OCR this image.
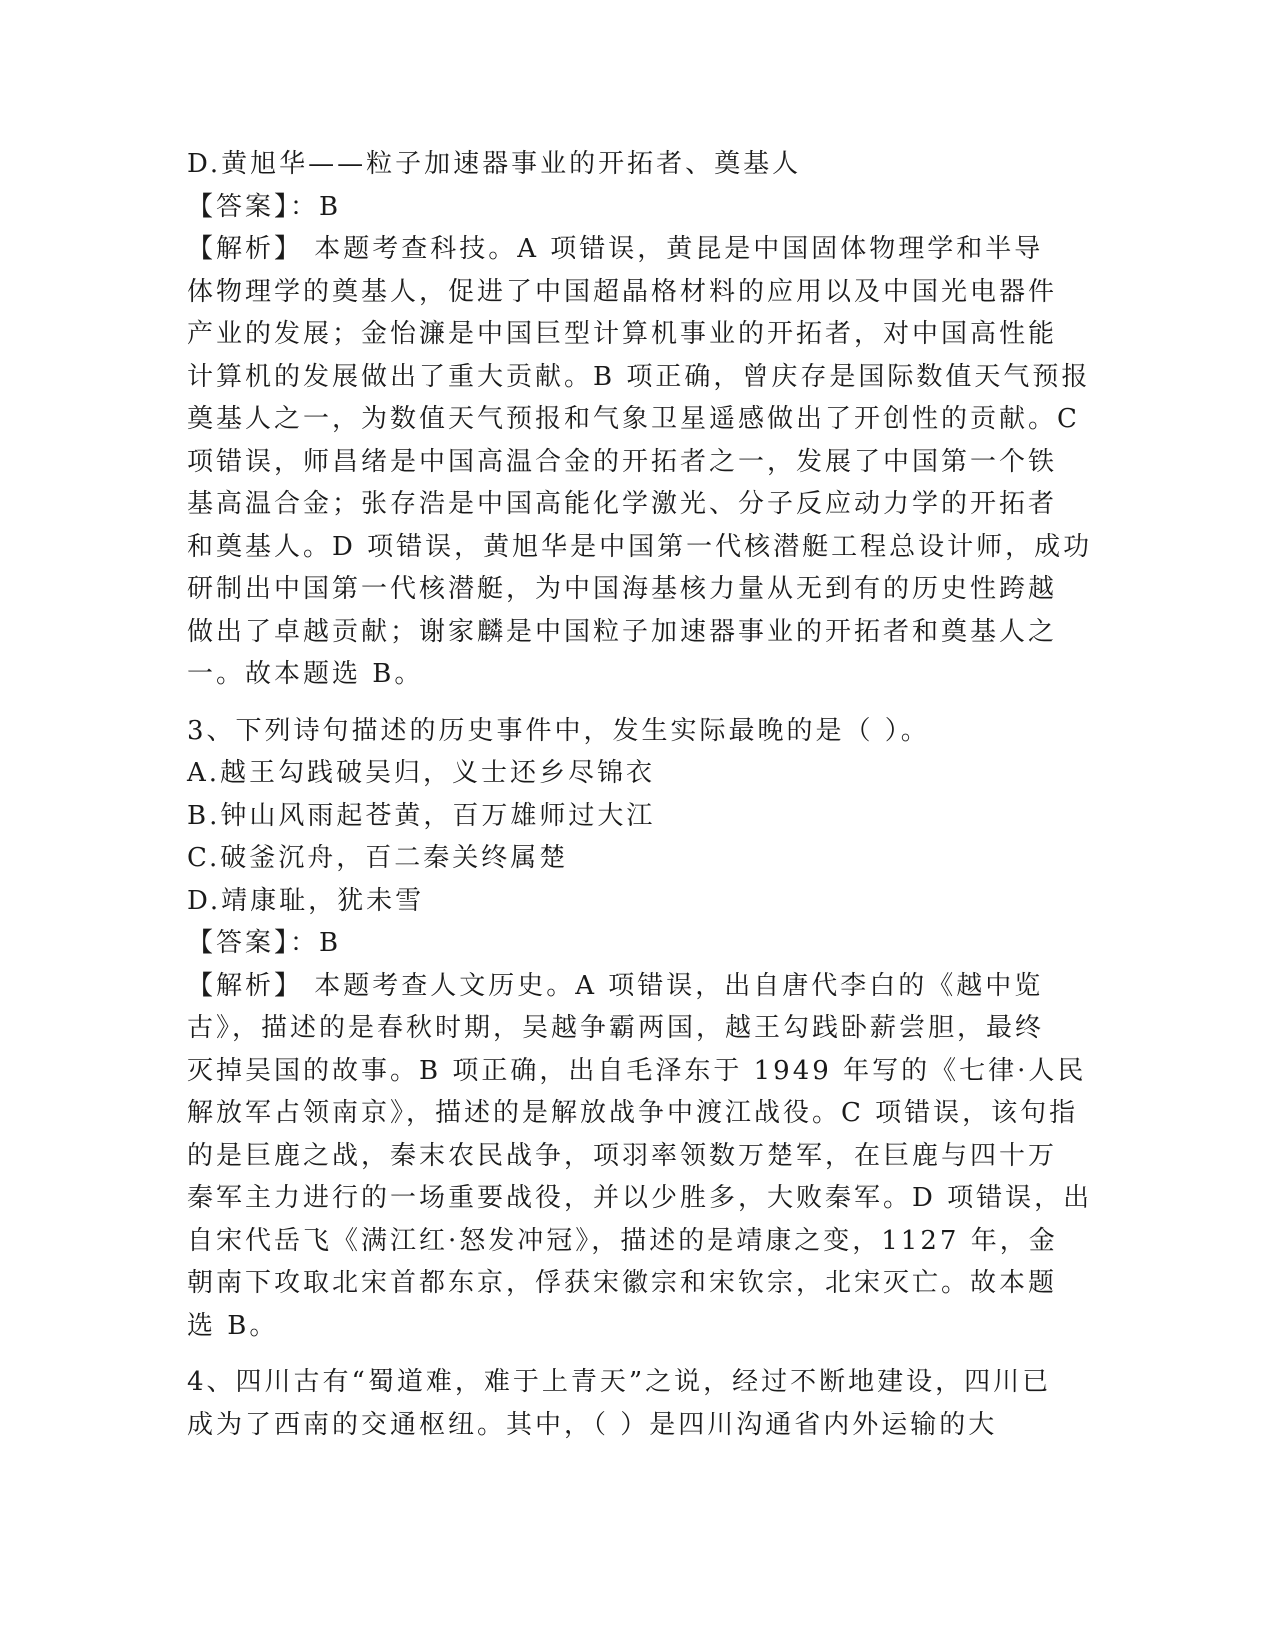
D.黄旭华——粒子加速器事业的开拓者、奠基人

【答案】：B

【解析】 本题考查科技。A 项错误，黄昆是中国固体物理学和半导

体物理学的奠基人，促进了中国超晶格材料的应用以及中国光电器件

产业的发展；金怡濂是中国巨型计算机事业的开拓者，对中国高性能

计算机的发展做出了重大贡献。B 项正确，曾庆存是国际数值天气预报

奠基人之一，为数值天气预报和气象卫星遥感做出了开创性的贡献。C

项错误，师昌绪是中国高温合金的开拓者之一，发展了中国第一个铁

基高温合金；张存浩是中国高能化学激光、分子反应动力学的开拓者

和奠基人。D 项错误，黄旭华是中国第一代核潜艇工程总设计师，成功

研制出中国第一代核潜艇，为中国海基核力量从无到有的历史性跨越

做出了卓越贡献；谢家麟是中国粒子加速器事业的开拓者和奠基人之

一。故本题选 B。

3、下列诗句描述的历史事件中，发生实际最晚的是（ ）。

A.越王勾践破吴归，义士还乡尽锦衣

B.钟山风雨起苍黄，百万雄师过大江

C.破釜沉舟，百二秦关终属楚

D.靖康耻，犹未雪

【答案】：B

【解析】 本题考查人文历史。A 项错误，出自唐代李白的《越中览

古》，描述的是春秋时期，吴越争霸两国，越王勾践卧薪尝胆，最终

灭掉吴国的故事。B 项正确，出自毛泽东于 1949 年写的《七律·人民

解放军占领南京》，描述的是解放战争中渡江战役。C 项错误，该句指

的是巨鹿之战，秦末农民战争，项羽率领数万楚军，在巨鹿与四十万

秦军主力进行的一场重要战役，并以少胜多，大败秦军。D 项错误，出

自宋代岳飞《满江红·怒发冲冠》，描述的是靖康之变，1127 年，金

朝南下攻取北宋首都东京，俘获宋徽宗和宋钦宗，北宋灭亡。故本题

选 B。

4、四川古有“蜀道难，难于上青天”之说，经过不断地建设，四川已

成为了西南的交通枢纽。其中，（ ）是四川沟通省内外运输的大
